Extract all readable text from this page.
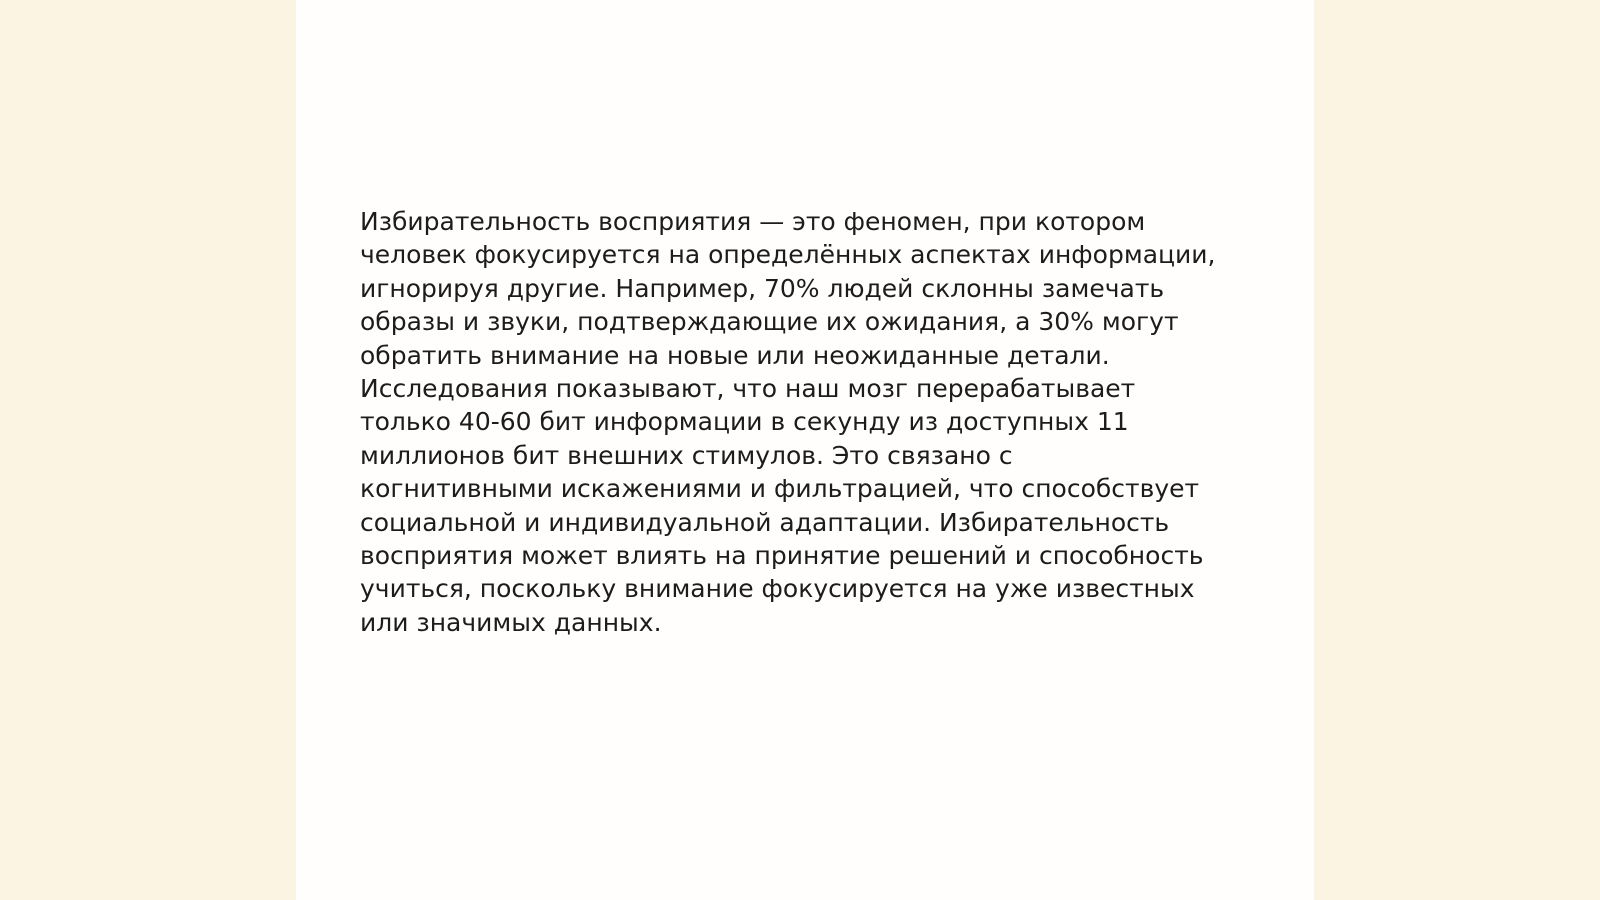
Избирательность восприятия — это феномен, при котором
человек фокусируется на определённых аспектах информации,
игнорируя другие. Например, 70% людей склонны замечать
образы и звуки, подтверждающие их ожидания, а 30% могут
обратить внимание на новые или неожиданные детали.
Исследования показывают, что наш мозг перерабатывает
только 40-60 бит информации в секунду из доступных 11
миллионов бит внешних стимулов. Это связано с
когнитивными искажениями и фильтрацией, что способствует
социальной и индивидуальной адаптации. Избирательность
восприятия может влиять на принятие решений и способность
учиться, поскольку внимание фокусируется на уже известных
или значимых данных.
